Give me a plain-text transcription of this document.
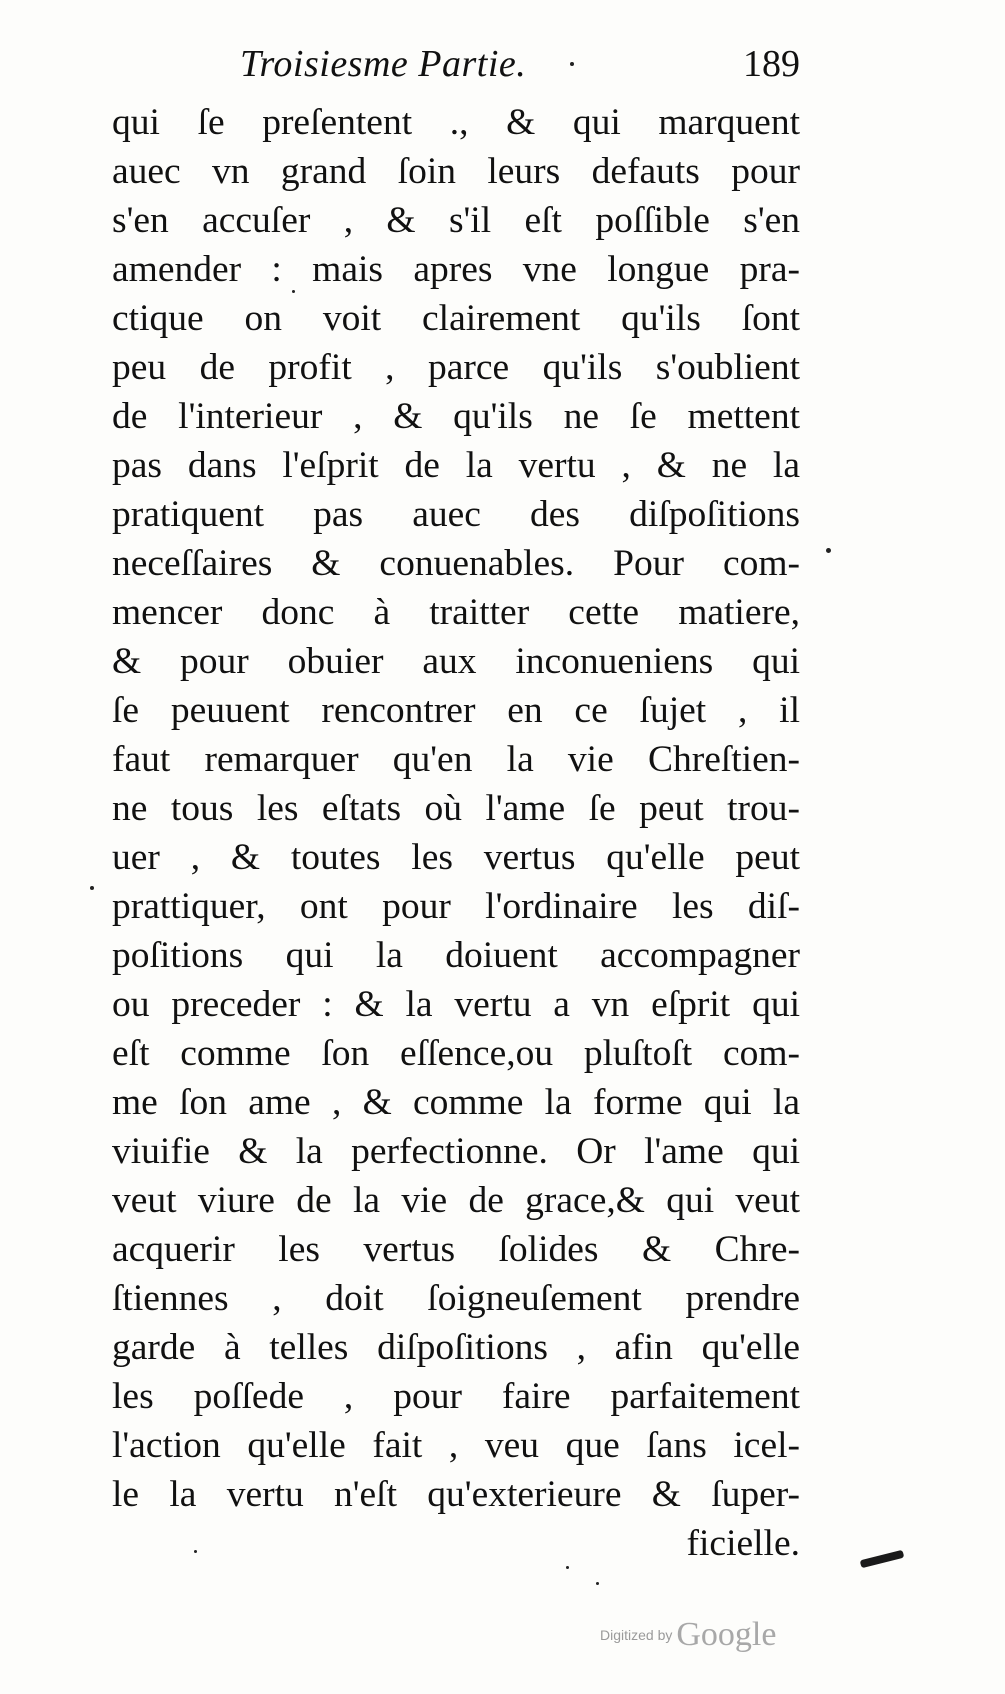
Troisiesme Partie.	189
qui ſe preſentent ., & qui marquent
auec vn grand ſoin leurs defauts pour
s'en accuſer , & s'il eſt poſſible s'en
amender : mais apres vne longue pra-
ctique on voit clairement qu'ils ſont
peu de profit , parce qu'ils s'oublient
de l'interieur , & qu'ils ne ſe mettent
pas dans l'eſprit de la vertu , & ne la
pratiquent pas auec des diſpoſitions
neceſſaires & conuenables. Pour com-
mencer donc à traitter cette matiere,
& pour obuier aux inconueniens qui
ſe peuuent rencontrer en ce ſujet , il
faut remarquer qu'en la vie Chreſtien-
ne tous les eſtats où l'ame ſe peut trou-
uer , & toutes les vertus qu'elle peut
prattiquer, ont pour l'ordinaire les diſ-
poſitions qui la doiuent accompagner
ou preceder : & la vertu a vn eſprit qui
eſt comme ſon eſſence,ou pluſtoſt com-
me ſon ame , & comme la forme qui la
viuifie & la perfectionne. Or l'ame qui
veut viure de la vie de grace,& qui veut
acquerir les vertus ſolides & Chre-
ſtiennes , doit ſoigneuſement prendre
garde à telles diſpoſitions , afin qu'elle
les poſſede , pour faire parfaitement
l'action qu'elle fait , veu que ſans icel-
le la vertu n'eſt qu'exterieure & ſuper-
ficielle.
Digitized by Google
